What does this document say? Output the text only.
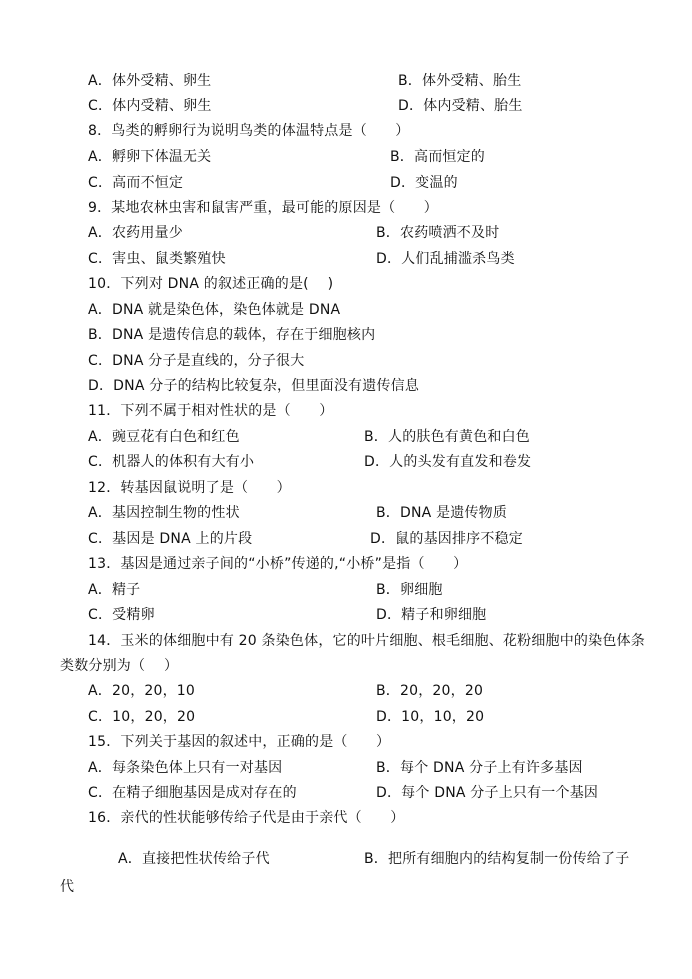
A．体外受精、卵生	B．体外受精、胎生
C．体内受精、卵生	D．体内受精、胎生
8．鸟类的孵卵行为说明鸟类的体温特点是（　　）
A．孵卵下体温无关	B．高而恒定的
C．高而不恒定	D．变温的
9．某地农林虫害和鼠害严重，最可能的原因是（　　）
A．农药用量少	B．农药喷洒不及时
C．害虫、鼠类繁殖快	D．人们乱捕滥杀鸟类
10．下列对 DNA 的叙述正确的是(　 )
A．DNA 就是染色体，染色体就是 DNA
B．DNA 是遗传信息的载体，存在于细胞核内
C．DNA 分子是直线的，分子很大
D．DNA 分子的结构比较复杂，但里面没有遗传信息
11．下列不属于相对性状的是（　　）
A．豌豆花有白色和红色	B．人的肤色有黄色和白色
C．机器人的体积有大有小	D．人的头发有直发和卷发
12．转基因鼠说明了是（　　）
A．基因控制生物的性状	B．DNA 是遗传物质
C．基因是 DNA 上的片段	D．鼠的基因排序不稳定
13．基因是通过亲子间的“小桥”传递的,“小桥”是指（　　）
A．精子	B．卵细胞
C．受精卵	D．精子和卵细胞
14．玉米的体细胞中有 20 条染色体，它的叶片细胞、根毛细胞、花粉细胞中的染色体条
类数分别为（　 ）
A．20，20，10	B．20，20，20
C．10，20，20	D．10，10，20
15．下列关于基因的叙述中，正确的是（　　）
A．每条染色体上只有一对基因	B．每个 DNA 分子上有许多基因
C．在精子细胞基因是成对存在的	D．每个 DNA 分子上只有一个基因
16．亲代的性状能够传给子代是由于亲代（　　）
A．直接把性状传给子代	B．把所有细胞内的结构复制一份传给了子
代
